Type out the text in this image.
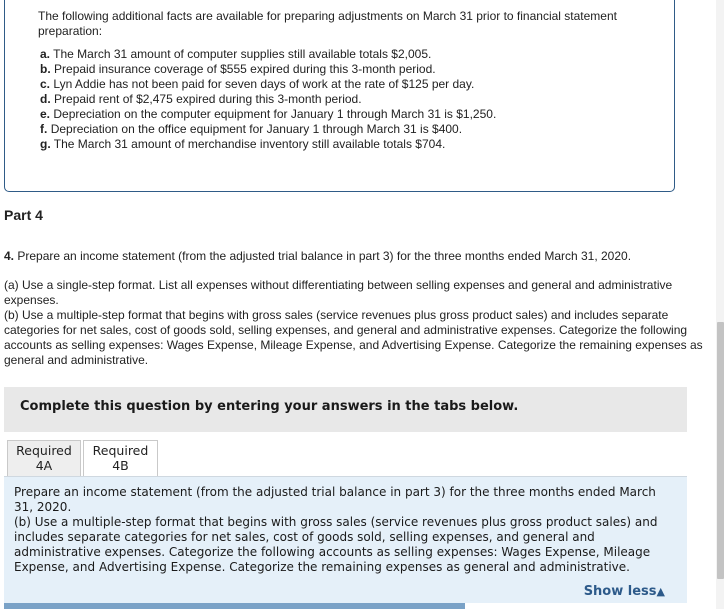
The following additional facts are available for preparing adjustments on March 31 prior to financial statement preparation:

a. The March 31 amount of computer supplies still available totals $2,005.
b. Prepaid insurance coverage of $555 expired during this 3-month period.
c. Lyn Addie has not been paid for seven days of work at the rate of $125 per day.
d. Prepaid rent of $2,475 expired during this 3-month period.
e. Depreciation on the computer equipment for January 1 through March 31 is $1,250.
f. Depreciation on the office equipment for January 1 through March 31 is $400.
g. The March 31 amount of merchandise inventory still available totals $704.
Part 4

4. Prepare an income statement (from the adjusted trial balance in part 3) for the three months ended March 31, 2020.

(a) Use a single-step format. List all expenses without differentiating between selling expenses and general and administrative expenses.

(b) Use a multiple-step format that begins with gross sales (service revenues plus gross product sales) and includes separate categories for net sales, cost of goods sold, selling expenses, and general and administrative expenses. Categorize the following accounts as selling expenses: Wages Expense, Mileage Expense, and Advertising Expense. Categorize the remaining expenses as general and administrative.

Complete this question by entering your answers in the tabs below.
Required
4A
Required
4B

Prepare an income statement (from the adjusted trial balance in part 3) for the three months ended March 31, 2020.

(b) Use a multiple-step format that begins with gross sales (service revenues plus gross product sales) and includes separate categories for net sales, cost of goods sold, selling expenses, and general and administrative expenses. Categorize the following accounts as selling expenses: Wages Expense, Mileage Expense, and Advertising Expense. Categorize the remaining expenses as general and administrative.

Show less▲
